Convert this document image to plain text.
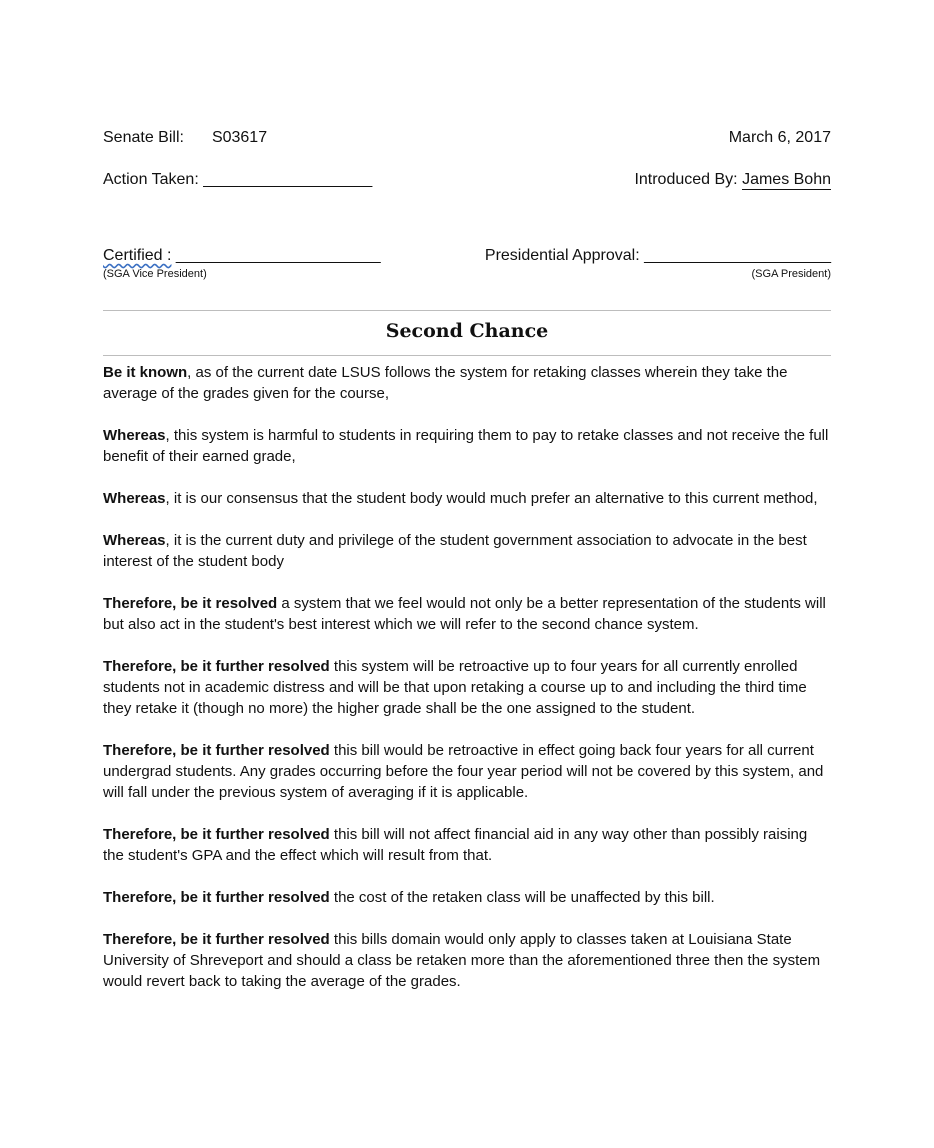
Senate Bill: S03617	March 6, 2017
Action Taken: ___________________	Introduced By: James Bohn
Certified : _______________________	Presidential Approval: _____________________
(SGA Vice President)	(SGA President)
Second Chance

Be it known, as of the current date LSUS follows the system for retaking classes wherein they take the average of the grades given for the course,

Whereas, this system is harmful to students in requiring them to pay to retake classes and not receive the full benefit of their earned grade,

Whereas, it is our consensus that the student body would much prefer an alternative to this current method,

Whereas, it is the current duty and privilege of the student government association to advocate in the best interest of the student body

Therefore, be it resolved a system that we feel would not only be a better representation of the students will but also act in the student's best interest which we will refer to the second chance system.

Therefore, be it further resolved this system will be retroactive up to four years for all currently enrolled students not in academic distress and will be that upon retaking a course up to and including the third time they retake it (though no more) the higher grade shall be the one assigned to the student.

Therefore, be it further resolved this bill would be retroactive in effect going back four years for all current undergrad students. Any grades occurring before the four year period will not be covered by this system, and will fall under the previous system of averaging if it is applicable.

Therefore, be it further resolved this bill will not affect financial aid in any way other than possibly raising the student's GPA and the effect which will result from that.

Therefore, be it further resolved the cost of the retaken class will be unaffected by this bill.

Therefore, be it further resolved this bills domain would only apply to classes taken at Louisiana State University of Shreveport and should a class be retaken more than the aforementioned three then the system would revert back to taking the average of the grades.
